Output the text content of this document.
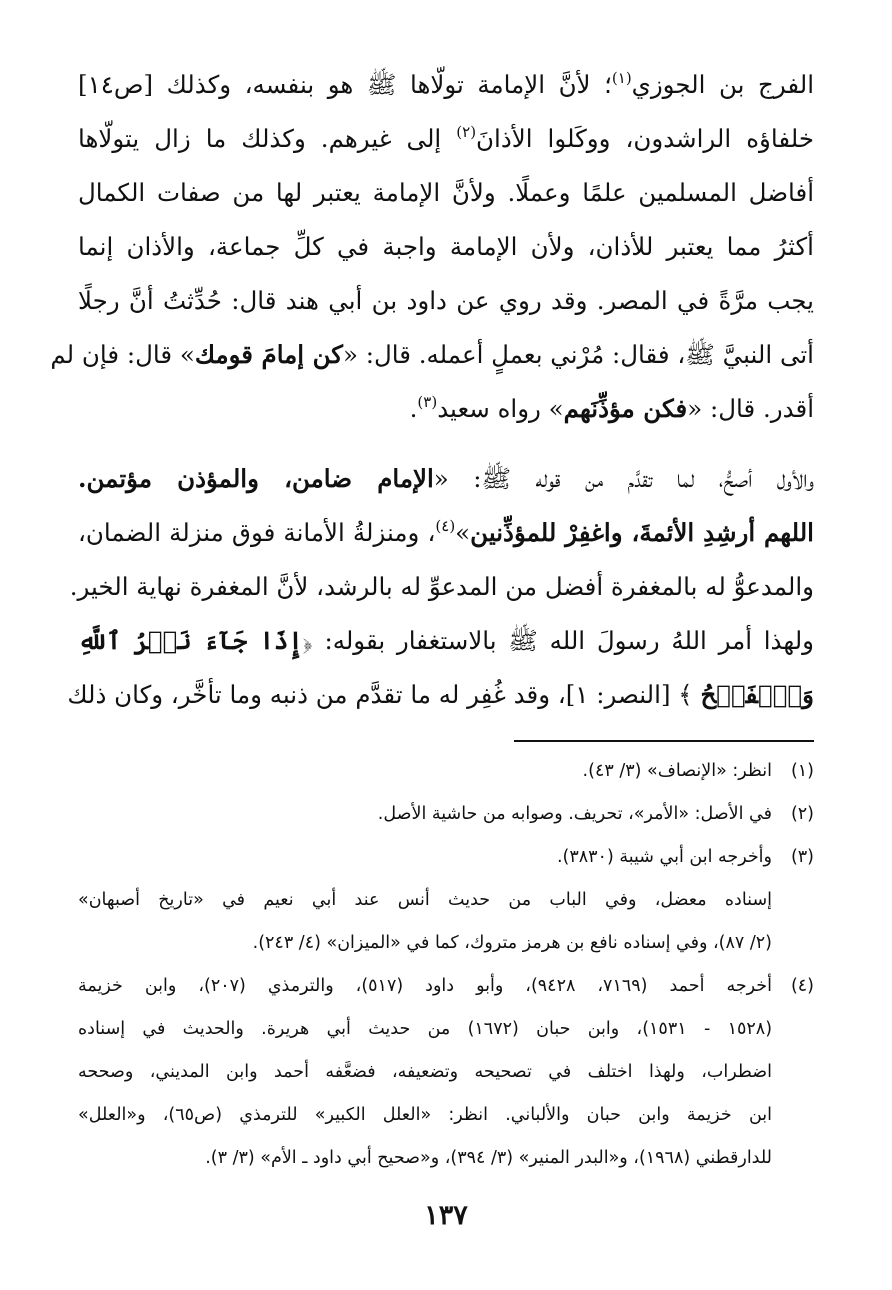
الفرج بن الجوزي$^{(١)}$؛ لأنَّ الإمامة تولّاها ﷺ هو بنفسه، وكذلك [ص١٤]
خلفاؤه الراشدون، ووكَلوا الأذانَ$^{(٢)}$ إلى غيرهم. وكذلك ما زال يتولّاها
أفاضل المسلمين علمًا وعملًا. ولأنَّ الإمامة يعتبر لها من صفات الكمال
أكثرُ مما يعتبر للأذان، ولأن الإمامة واجبة في كلِّ جماعة، والأذان إنما
يجب مرَّةً في المصر. وقد روي عن داود بن أبي هند قال: حُدِّثتُ أنَّ رجلًا
أتى النبيَّ ﷺ، فقال: مُرْني بعملٍ أعمله. قال: «كن إمامَ قومك» قال: فإن لم
أقدر. قال: «فكن مؤذِّنَهم» رواه سعيد$^{(٣)}$.
والأول أصحُّ، لما تقدَّم من قوله ﷺ: «الإمام ضامن، والمؤذن مؤتمن.
اللهم أرشِدِ الأئمةَ، واغفِرْ للمؤذِّنين»$^{(٤)}$، ومنزلةُ الأمانة فوق منزلة الضمان،
والمدعوُّ له بالمغفرة أفضل من المدعوِّ له بالرشد، لأنَّ المغفرة نهاية الخير.
ولهذا أمر اللهُ رسولَ الله ﷺ بالاستغفار بقوله: ﴿إِذَا جَآءَ نَصۡرُ ٱللَّهِ
وَٱلۡفَتۡحُ ﴾ [النصر: ١]، وقد غُفِر له ما تقدَّم من ذنبه وما تأخَّر، وكان ذلك
(١)
انظر: «الإنصاف» (٣/ ٤٣).
(٢)
في الأصل: «الأمر»، تحريف. وصوابه من حاشية الأصل.
(٣)
وأخرجه ابن أبي شيبة (٣٨٣٠).
إسناده معضل، وفي الباب من حديث أنس عند أبي نعيم في «تاريخ أصبهان»
(٢/ ٨٧)، وفي إسناده نافع بن هرمز متروك، كما في «الميزان» (٤/ ٢٤٣).
(٤)
أخرجه أحمد (٧١٦٩، ٩٤٢٨)، وأبو داود (٥١٧)، والترمذي (٢٠٧)، وابن خزيمة
(١٥٢٨ - ١٥٣١)، وابن حبان (١٦٧٢) من حديث أبي هريرة. والحديث في إسناده
اضطراب، ولهذا اختلف في تصحيحه وتضعيفه، فضعَّفه أحمد وابن المديني، وصححه
ابن خزيمة وابن حبان والألباني. انظر: «العلل الكبير» للترمذي (ص٦٥)، و«العلل»
للدارقطني (١٩٦٨)، و«البدر المنير» (٣/ ٣٩٤)، و«صحيح أبي داود ـ الأم» (٣/ ٣).
١٣٧
